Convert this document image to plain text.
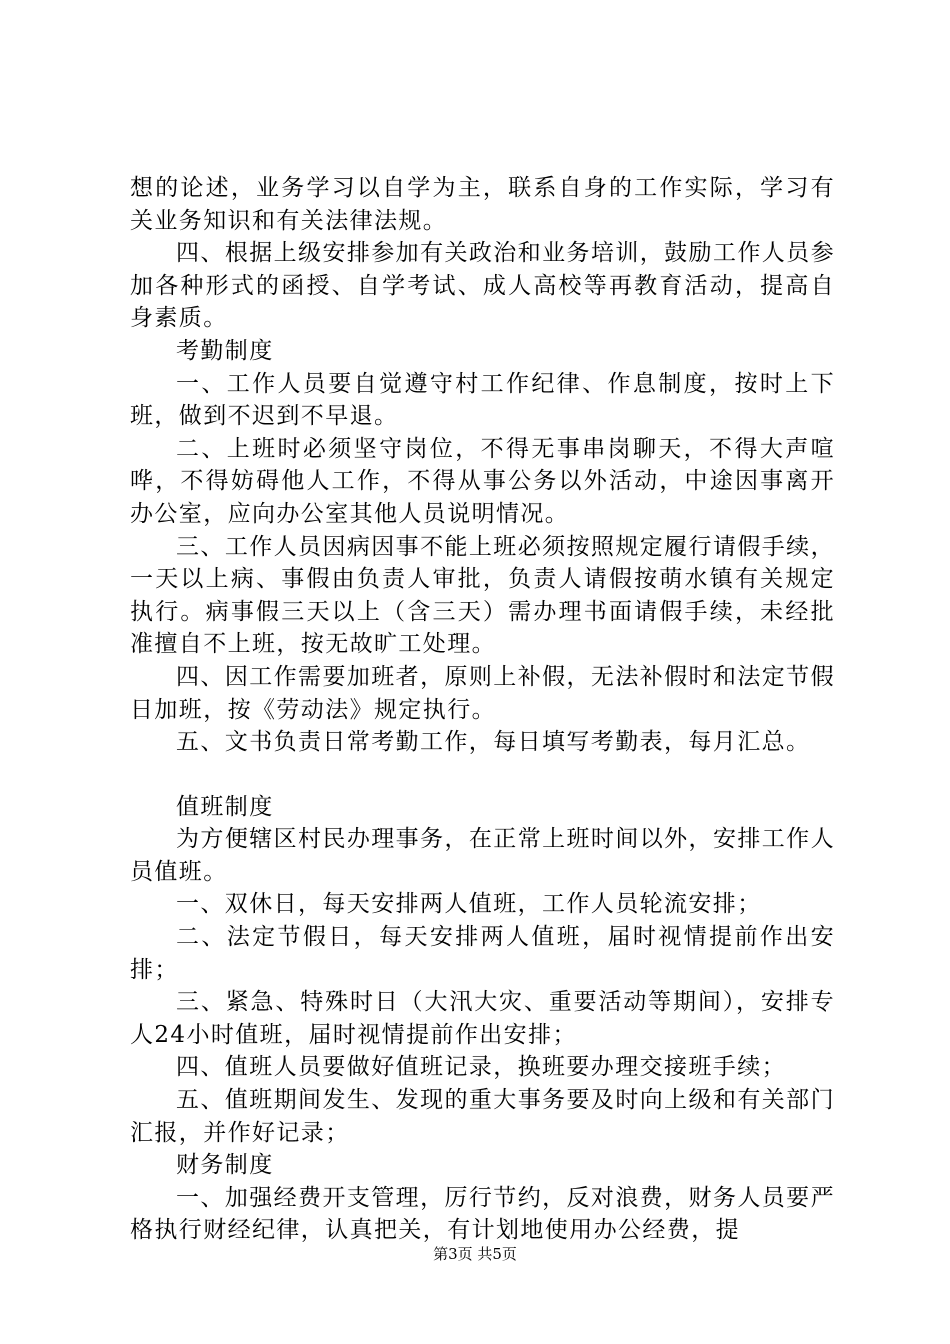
想的论述，业务学习以自学为主，联系自身的工作实际，学习有关业务知识和有关法律法规。

四、根据上级安排参加有关政治和业务培训，鼓励工作人员参加各种形式的函授、自学考试、成人高校等再教育活动，提高自身素质。

考勤制度

一、工作人员要自觉遵守村工作纪律、作息制度，按时上下班，做到不迟到不早退。

二、上班时必须坚守岗位，不得无事串岗聊天，不得大声喧哗，不得妨碍他人工作，不得从事公务以外活动，中途因事离开办公室，应向办公室其他人员说明情况。

三、工作人员因病因事不能上班必须按照规定履行请假手续，一天以上病、事假由负责人审批，负责人请假按萌水镇有关规定执行。病事假三天以上（含三天）需办理书面请假手续，未经批准擅自不上班，按无故旷工处理。

四、因工作需要加班者，原则上补假，无法补假时和法定节假日加班，按《劳动法》规定执行。

五、文书负责日常考勤工作，每日填写考勤表，每月汇总。

值班制度

为方便辖区村民办理事务，在正常上班时间以外，安排工作人员值班。

一、双休日，每天安排两人值班，工作人员轮流安排；

二、法定节假日，每天安排两人值班，届时视情提前作出安排；

三、紧急、特殊时日（大汛大灾、重要活动等期间），安排专人24小时值班，届时视情提前作出安排；

四、值班人员要做好值班记录，换班要办理交接班手续；

五、值班期间发生、发现的重大事务要及时向上级和有关部门汇报，并作好记录；

财务制度

一、加强经费开支管理，厉行节约，反对浪费，财务人员要严格执行财经纪律，认真把关，有计划地使用办公经费，提

第3页 共5页
